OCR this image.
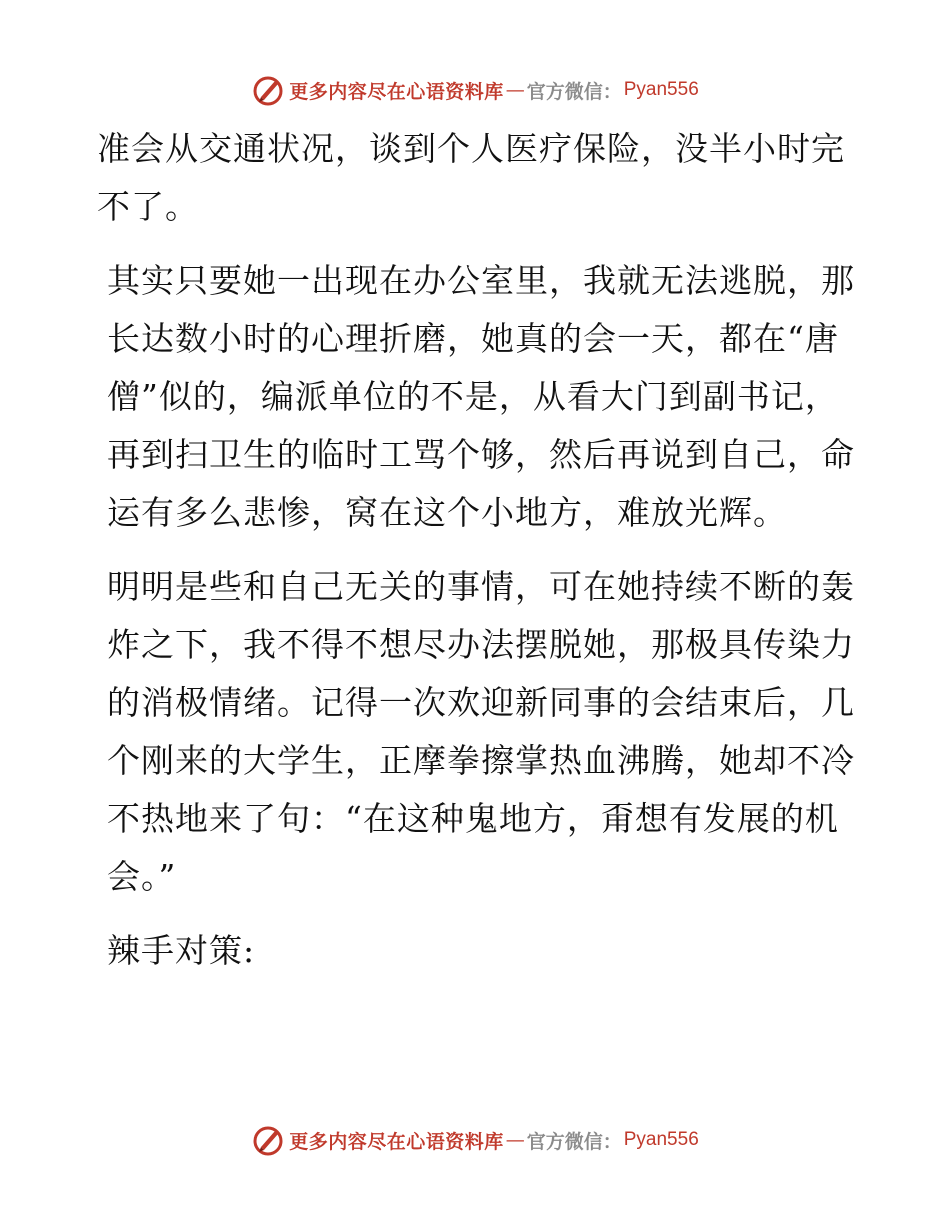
更多内容尽在心语资料库 — 官方微信： Pyan556

准会从交通状况，谈到个人医疗保险，没半小时完不了。

其实只要她一出现在办公室里，我就无法逃脱，那长达数小时的心理折磨，她真的会一天，都在“唐僧”似的，编派单位的不是，从看大门到副书记，再到扫卫生的临时工骂个够，然后再说到自己，命运有多么悲惨，窝在这个小地方，难放光辉。

明明是些和自己无关的事情，可在她持续不断的轰炸之下，我不得不想尽办法摆脱她，那极具传染力的消极情绪。记得一次欢迎新同事的会结束后，几个刚来的大学生，正摩拳擦掌热血沸腾，她却不冷不热地来了句：“在这种鬼地方，甭想有发展的机会。”

辣手对策:

更多内容尽在心语资料库 — 官方微信： Pyan556
